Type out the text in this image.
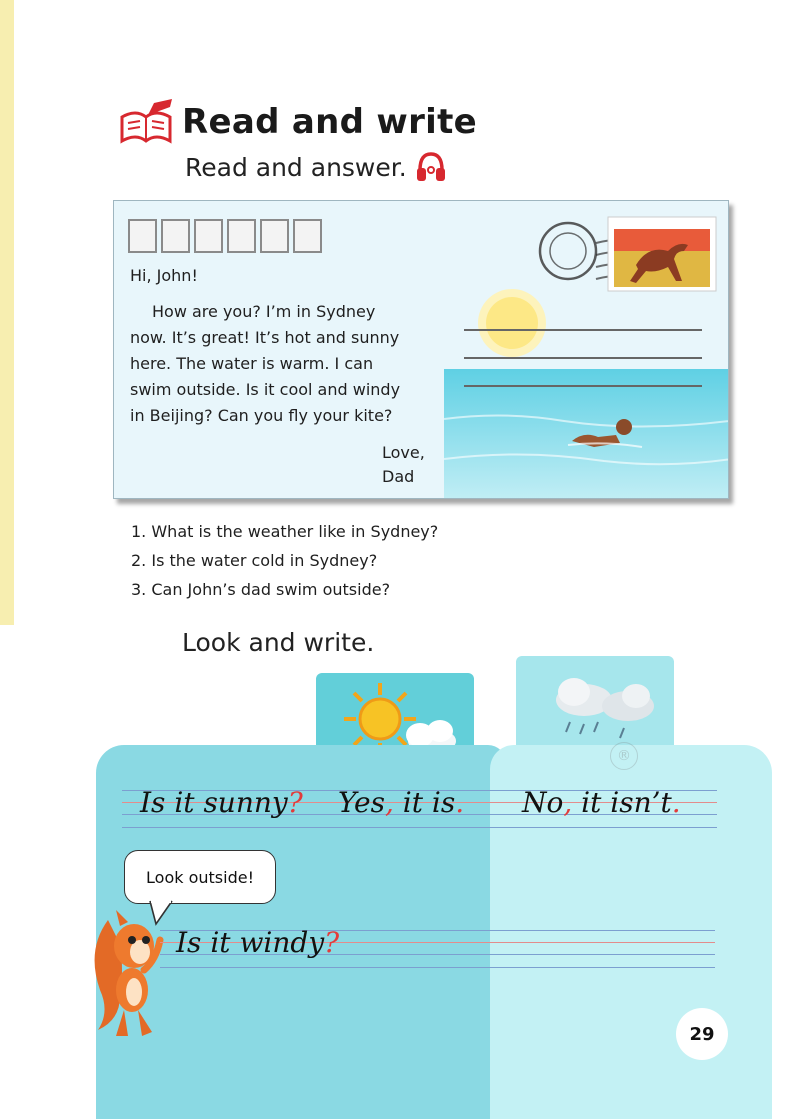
Read and write
Read and answer.

Hi, John!

How are you? I’m in Sydney

now. It’s great! It’s hot and sunny

here. The water is warm. I can

swim outside. Is it cool and windy

in Beijing? Can you fly your kite?

Love,
Dad
1. What is the weather like in Sydney?
2. Is the water cold in Sydney?
3. Can John’s dad swim outside?
Look and write.
®
Is it sunny? Yes, it is. No, it isn’t.
Look outside!
Is it windy?
29
